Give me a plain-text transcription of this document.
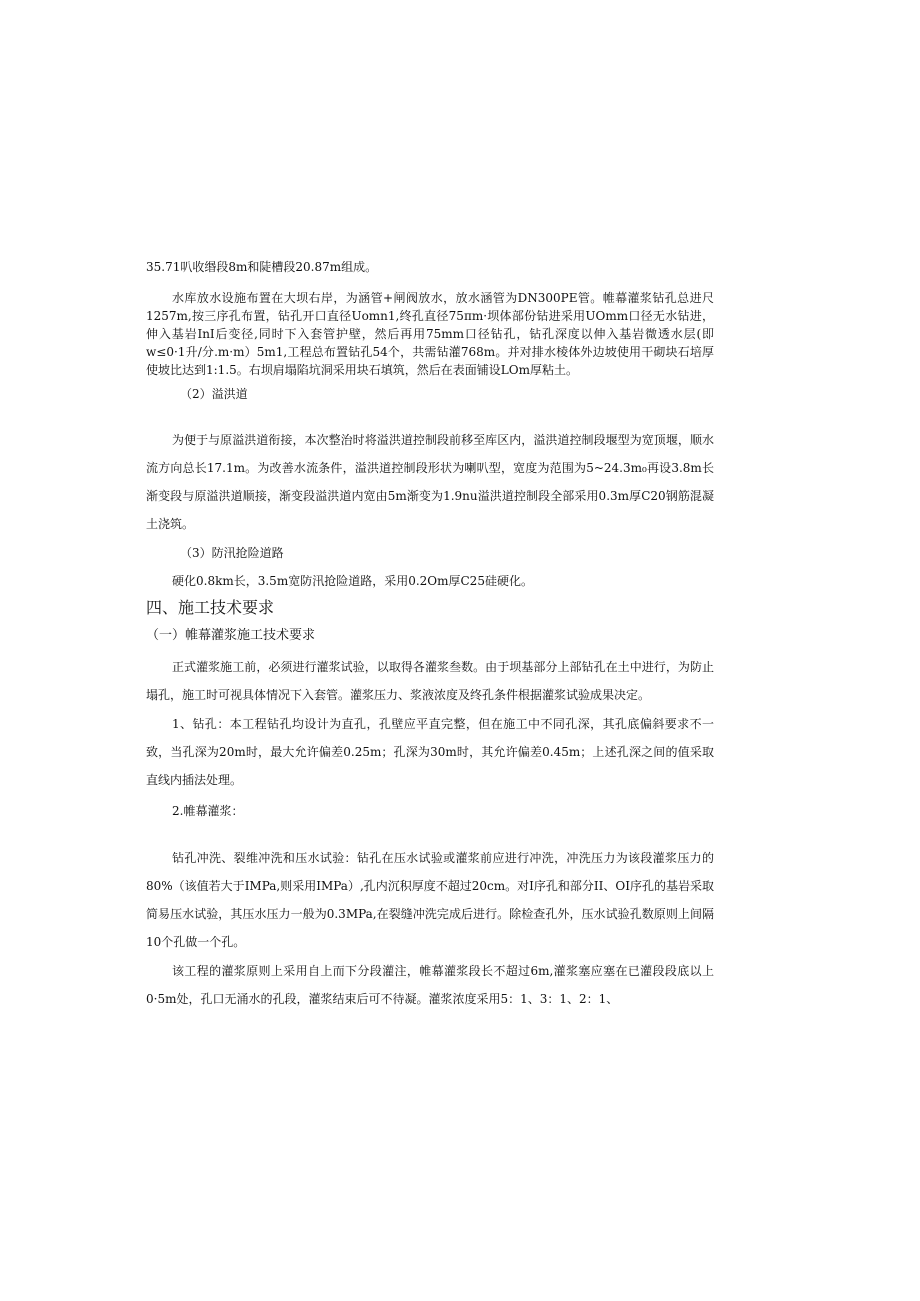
35.71叭收缗段8m和陡槽段20.87m组成。

水库放水设施布置在大坝右岸，为涵管+闸阀放水，放水涵管为DN300PE管。帷幕灌浆钻孔总进尺1257m,按三序孔布置，钻孔开口直径Uomn1,终孔直径75πm·坝体部份钻进采用UOmm口径无水钻进，伸入基岩InI后变径,同时下入套管护壁，然后再用75mm口径钻孔，钻孔深度以伸入基岩微透水层(即w≤0·1升/分.m·m）5m1,工程总布置钻孔54个，共需钻灌768m。并对排水棱体外边坡使用干砌块石培厚使坡比达到1:1.5。右坝肩塌陷坑洞采用块石填筑，然后在表面铺设LOm厚粘土。

（2）溢洪道

为便于与原溢洪道衔接，本次整治时将溢洪道控制段前移至库区内，溢洪道控制段堰型为宽顶堰，顺水流方向总长17.1m。为改善水流条件，溢洪道控制段形状为喇叭型，宽度为范围为5~24.3m₀再设3.8m长渐变段与原溢洪道顺接，渐变段溢洪道内宽由5m渐变为1.9nu溢洪道控制段全部采用0.3m厚C20钢筋混凝土浇筑。

（3）防汛抢险道路

硬化0.8km长，3.5m宽防汛抢险道路，采用0.2Om厚C25硅硬化。

四、施工技术要求
（一）帷幕灌浆施工技术要求

正式灌浆施工前，必须进行灌浆试验，以取得各灌浆叁数。由于坝基部分上部钻孔在土中进行，为防止塌孔，施工时可视具体情况下入套管。灌浆压力、浆液浓度及终孔条件根据灌浆试验成果决定。

1、钻孔：本工程钻孔均设计为直孔，孔壁应平直完整，但在施工中不同孔深，其孔底偏斜要求不一致，当孔深为20m时，最大允许偏差0.25m；孔深为30m时，其允许偏差0.45m；上述孔深之间的值采取直线内插法处理。

2.帷幕灌浆：

钻孔冲洗、裂维冲洗和压水试验：钻孔在压水试验或灌浆前应进行冲洗，冲洗压力为该段灌浆压力的80%（该值若大于IMPa,则采用IMPa）,孔内沉积厚度不超过20cm。对I序孔和部分II、OI序孔的基岩采取简易压水试验，其压水压力一般为0.3MPa,在裂缝冲洗完成后进行。除检查孔外，压水试验孔数原则上间隔10个孔做一个孔。

该工程的灌浆原则上采用自上而下分段灌注，帷幕灌浆段长不超过6m,灌浆塞应塞在已灌段段底以上0·5m处，孔口无涌水的孔段，灌浆结束后可不待凝。灌浆浓度采用5：1、3：1、2：1、
